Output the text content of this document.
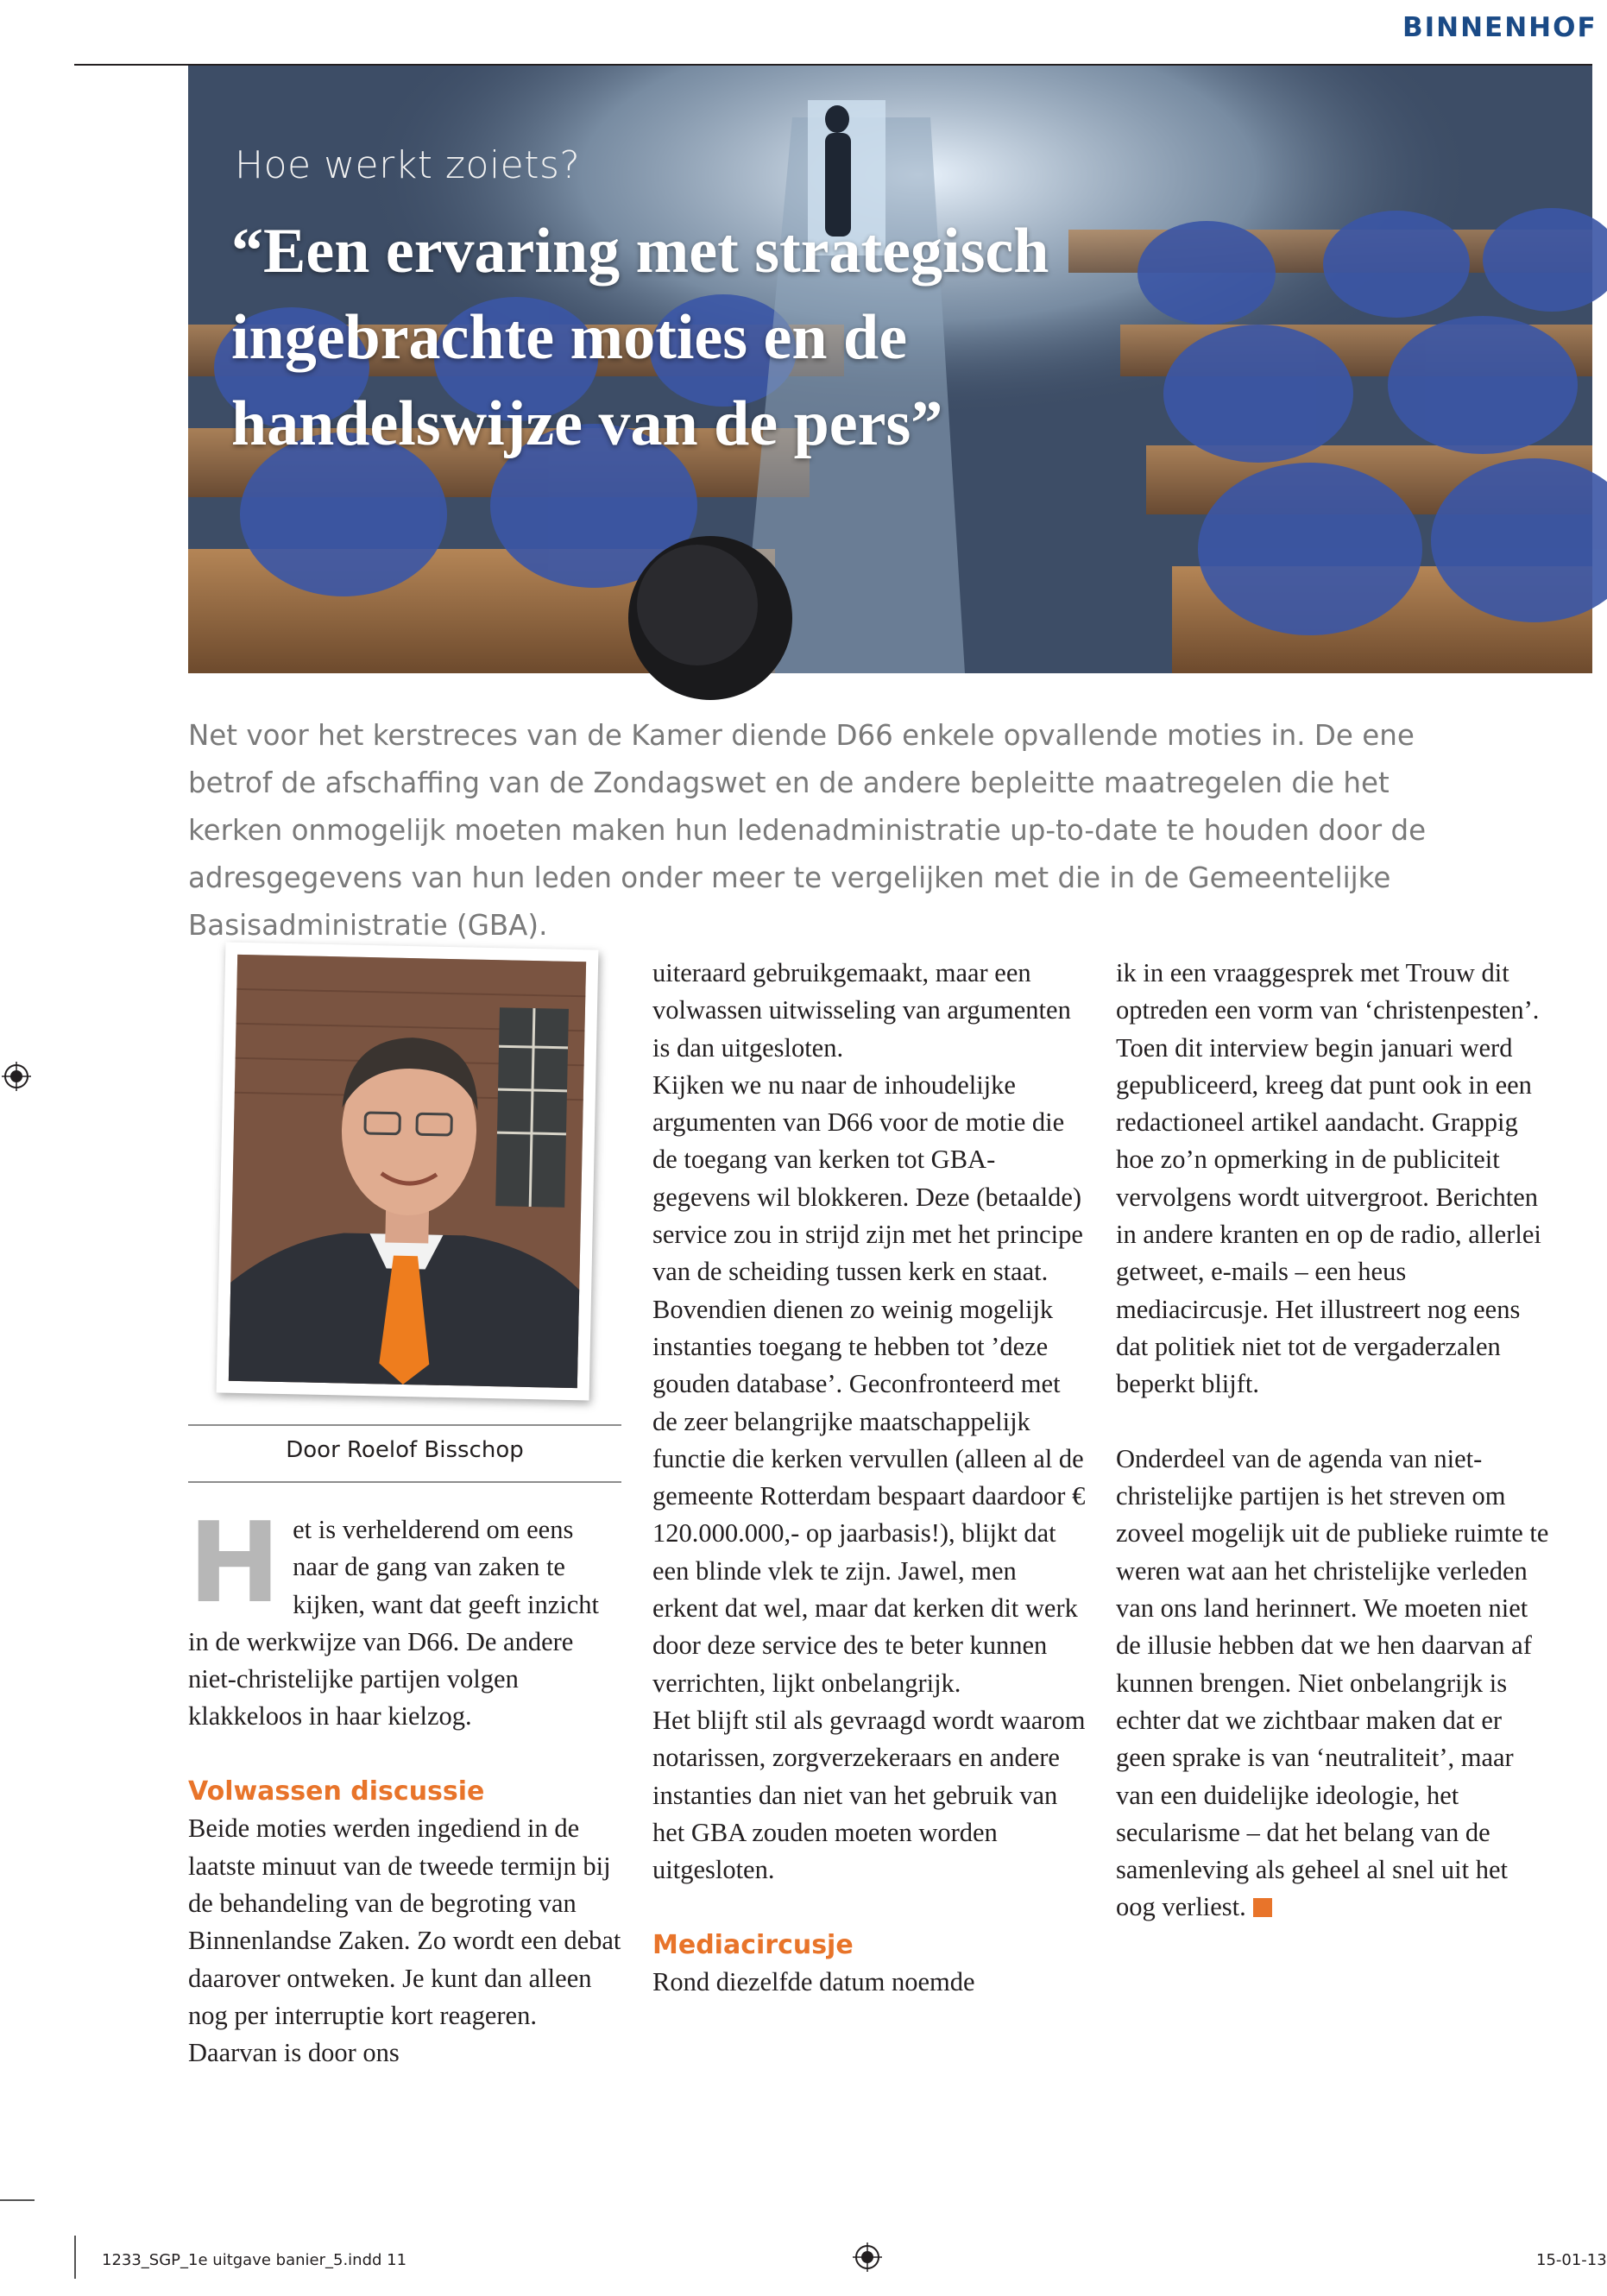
BINNENHOF
Hoe werkt zoiets?
“Een ervaring met strategisch
ingebrachte moties en de
handelswijze van de pers”
Net voor het kerstreces van de Kamer diende D66 enkele opvallende moties in. De ene betrof de afschaffing van de Zondagswet en de andere bepleitte maatregelen die het kerken onmogelijk moeten maken hun ledenadministratie up-to-date te houden door de adresgegevens van hun leden onder meer te vergelijken met die in de Gemeentelijke Basisadministratie (GBA).
Door Roelof Bisschop
H et is verhelderend om eens naar de gang van zaken te kijken, want dat geeft inzicht in de werkwijze van D66. De andere niet-christelijke partijen volgen klakkeloos in haar kielzog.

Volwassen discussie

Beide moties werden ingediend in de laatste minuut van de tweede termijn bij de behandeling van de begroting van Binnenlandse Zaken. Zo wordt een debat daarover ontweken. Je kunt dan alleen nog per interruptie kort reageren. Daarvan is door ons

uiteraard gebruikgemaakt, maar een volwassen uitwisseling van argumenten is dan uitgesloten.

Kijken we nu naar de inhoudelijke argumenten van D66 voor de motie die de toegang van kerken tot GBA-gegevens wil blokkeren. Deze (betaalde) service zou in strijd zijn met het principe van de scheiding tussen kerk en staat. Bovendien dienen zo weinig mogelijk instanties toegang te hebben tot ’deze gouden database’. Geconfronteerd met de zeer belangrijke maatschappelijk functie die kerken vervullen (alleen al de gemeente Rotterdam bespaart daardoor € 120.000.000,- op jaarbasis!), blijkt dat een blinde vlek te zijn. Jawel, men erkent dat wel, maar dat kerken dit werk door deze service des te beter kunnen verrichten, lijkt onbelangrijk.

Het blijft stil als gevraagd wordt waarom notarissen, zorgverzekeraars en andere instanties dan niet van het gebruik van het GBA zouden moeten worden uitgesloten.

Mediacircusje

Rond diezelfde datum noemde

ik in een vraaggesprek met Trouw dit optreden een vorm van ‘christenpesten’. Toen dit interview begin januari werd gepubliceerd, kreeg dat punt ook in een redactioneel artikel aandacht. Grappig hoe zo’n opmerking in de publiciteit vervolgens wordt uitvergroot. Berichten in andere kranten en op de radio, allerlei getweet, e-mails – een heus mediacircusje. Het illustreert nog eens dat politiek niet tot de vergaderzalen beperkt blijft.

Onderdeel van de agenda van niet-christelijke partijen is het streven om zoveel mogelijk uit de publieke ruimte te weren wat aan het christelijke verleden van ons land herinnert. We moeten niet de illusie hebben dat we hen daarvan af kunnen brengen. Niet onbelangrijk is echter dat we zichtbaar maken dat er geen sprake is van ‘neutraliteit’, maar van een duidelijke ideologie, het secularisme – dat het belang van de samenleving als geheel al snel uit het oog verliest.

1233_SGP_1e uitgave banier_5.indd 11	15-01-13
